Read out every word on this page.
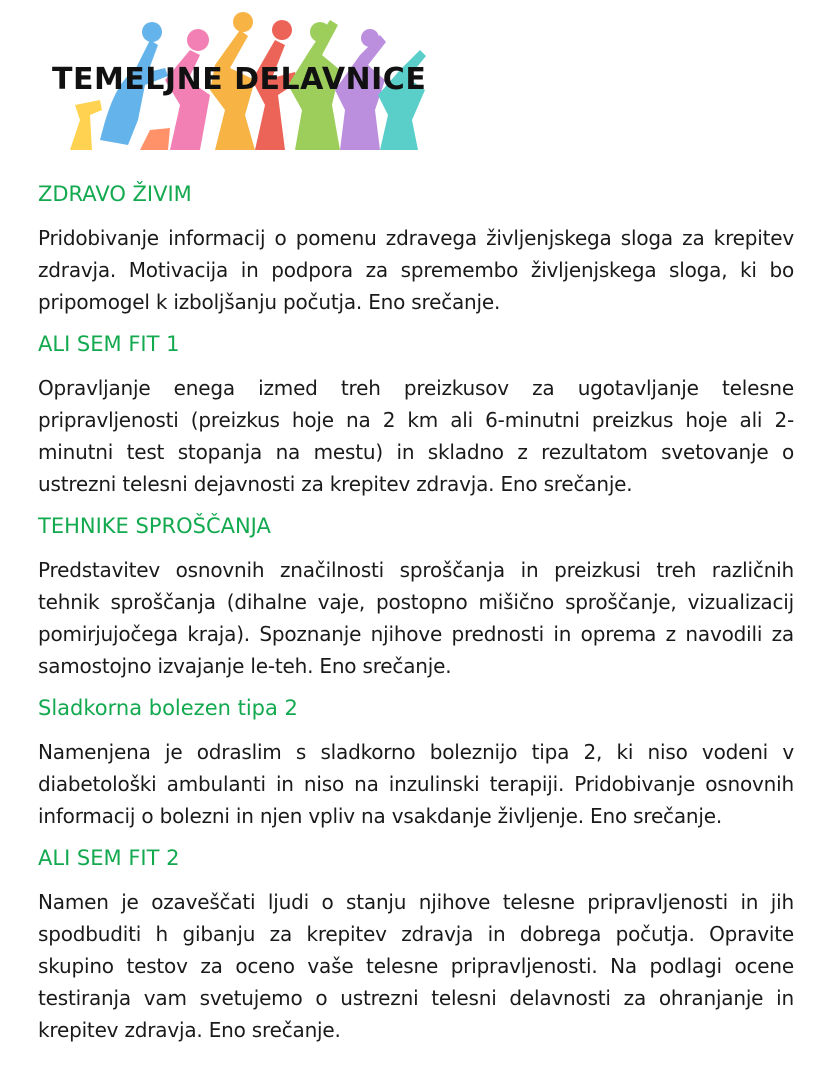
TEMELJNE DELAVNICE
ZDRAVO ŽIVIM

Pridobivanje informacij o pomenu zdravega življenjskega sloga za krepitev zdravja. Motivacija in podpora za spremembo življenjskega sloga, ki bo pripomogel k izboljšanju počutja. Eno srečanje.

ALI SEM FIT 1

Opravljanje enega izmed treh preizkusov za ugotavljanje telesne pripravljenosti (preizkus hoje na 2 km ali 6-minutni preizkus hoje ali 2-minutni test stopanja na mestu) in skladno z rezultatom svetovanje o ustrezni telesni dejavnosti za krepitev zdravja. Eno srečanje.

TEHNIKE SPROŠČANJA

Predstavitev osnovnih značilnosti sproščanja in preizkusi treh različnih tehnik sproščanja (dihalne vaje, postopno mišično sproščanje, vizualizacij pomirjujočega kraja). Spoznanje njihove prednosti in oprema z navodili za samostojno izvajanje le-teh. Eno srečanje.

Sladkorna bolezen tipa 2

Namenjena je odraslim s sladkorno boleznijo tipa 2, ki niso vodeni v diabetološki ambulanti in niso na inzulinski terapiji. Pridobivanje osnovnih informacij o bolezni in njen vpliv na vsakdanje življenje. Eno srečanje.

ALI SEM FIT 2

Namen je ozaveščati ljudi o stanju njihove telesne pripravljenosti in jih spodbuditi h gibanju za krepitev zdravja in dobrega počutja. Opravite skupino testov za oceno vaše telesne pripravljenosti. Na podlagi ocene testiranja vam svetujemo o ustrezni telesni delavnosti za ohranjanje in krepitev zdravja. Eno srečanje.
